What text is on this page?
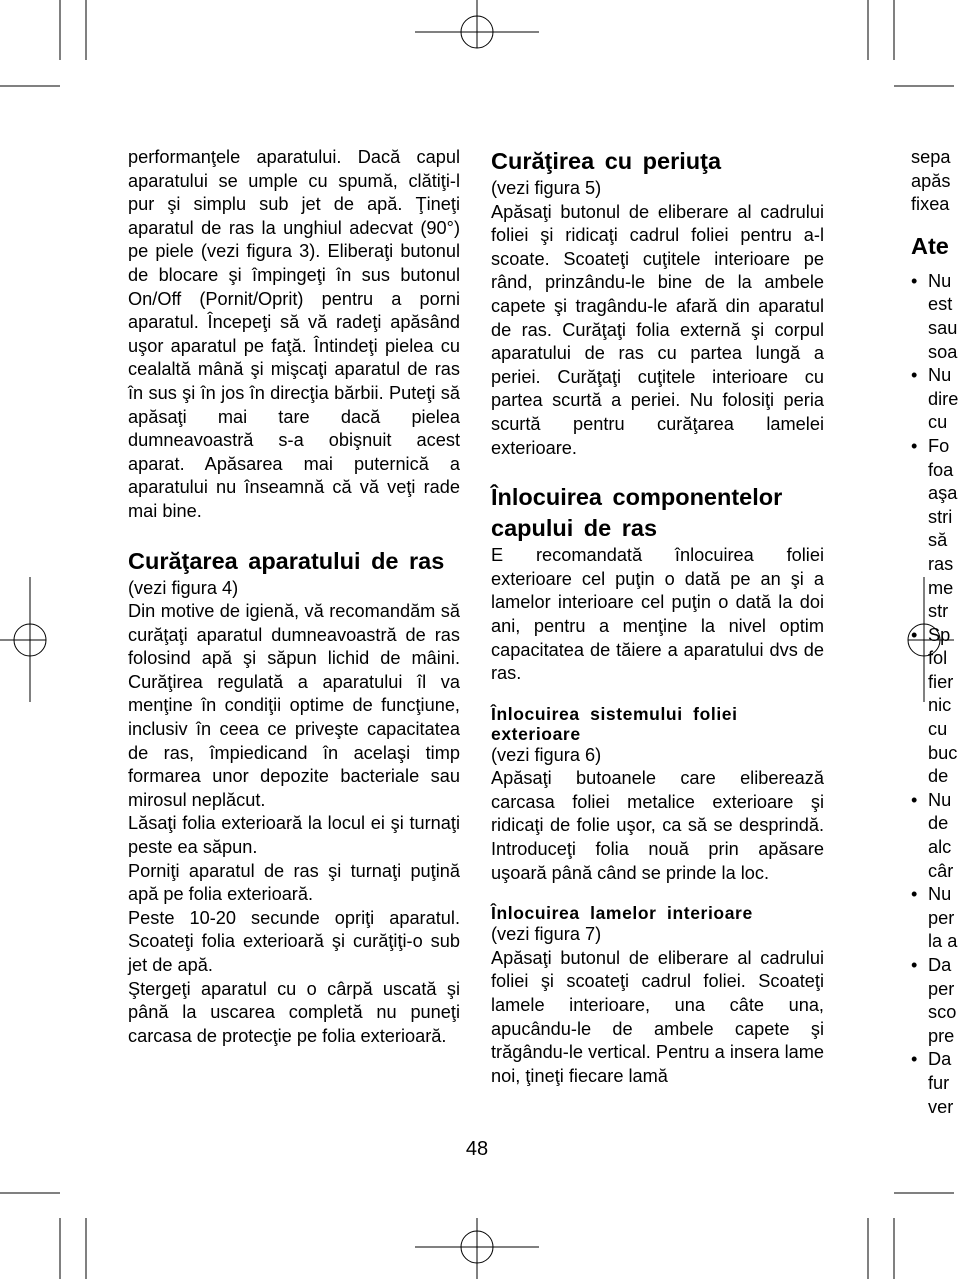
performanţele aparatului. Dacă capul aparatului se umple cu spumă, clătiţi-l pur şi simplu sub jet de apă. Ţineţi aparatul de ras la unghiul adecvat (90°) pe piele (vezi figura 3). Eliberaţi butonul de blocare şi împingeţi în sus butonul On/Off (Pornit/Oprit) pentru a porni aparatul. Începeţi să vă radeţi apăsând uşor aparatul pe faţă. Întindeţi pielea cu cealaltă mână şi mişcaţi aparatul de ras în sus şi în jos în direcţia bărbii. Puteţi să apăsaţi mai tare dacă pielea dumneavoastră s-a obişnuit acest aparat. Apăsarea mai puternică a aparatului nu înseamnă că vă veţi rade mai bine.

Curăţarea aparatului de ras

(vezi figura 4)

Din motive de igienă, vă recomandăm să curăţaţi aparatul dumneavoastră de ras folosind apă şi săpun lichid de mâini. Curăţirea regulată a aparatului îl va menţine în condiţii optime de funcţiune, inclusiv în ceea ce priveşte capacitatea de ras, împiedicand în acelaşi timp formarea unor depozite bacteriale sau mirosul neplăcut.

Lăsaţi folia exterioară la locul ei şi turnaţi peste ea săpun.

Porniţi aparatul de ras şi turnaţi puţină apă pe folia exterioară.

Peste 10-20 secunde opriţi aparatul. Scoateţi folia exterioară şi curăţiţi-o sub jet de apă.

Ştergeţi aparatul cu o cârpă uscată şi până la uscarea completă nu puneţi carcasa de protecţie pe folia exterioară.

Curăţirea cu periuţa

(vezi figura 5)

Apăsaţi butonul de eliberare al cadrului foliei şi ridicaţi cadrul foliei pentru a-l scoate. Scoateţi cuţitele interioare pe rând, prinzându-le bine de la ambele capete şi tragându-le afară din aparatul de ras. Curăţaţi folia externă şi corpul aparatului de ras cu partea lungă a periei. Curăţaţi cuţitele interioare cu partea scurtă a periei. Nu folosiţi peria scurtă pentru curăţarea lamelei exterioare.

Înlocuirea componentelor capului de ras

E recomandată înlocuirea foliei exterioare cel puţin o dată pe an şi a lamelor interioare cel puţin o dată la doi ani, pentru a menţine la nivel optim capacitatea de tăiere a aparatului dvs de ras.

Înlocuirea sistemului foliei exterioare

(vezi figura 6)

Apăsaţi butoanele care eliberează carcasa foliei metalice exterioare şi ridicaţi de folie uşor, ca să se desprindă. Introduceţi folia nouă prin apăsare uşoară până când se prinde la loc.

Înlocuirea lamelor interioare

(vezi figura 7)

Apăsaţi butonul de eliberare al cadrului foliei şi scoateţi cadrul foliei. Scoateţi lamele interioare, una câte una, apucându-le de ambele capete şi trăgându-le vertical. Pentru a insera lame noi, ţineţi fiecare lamă

sepa
apăs
fixea
Ate
• Nu
est
sau
soa
• Nu
dire
cu
• Fo
foa
aşa
stri
să
ras
me
str
• Sp
fol
fier
nic
cu
buc
de
• Nu
de
alc
câr
• Nu
per
la a
• Da
per
sco
pre
• Da
fur
ver
48
